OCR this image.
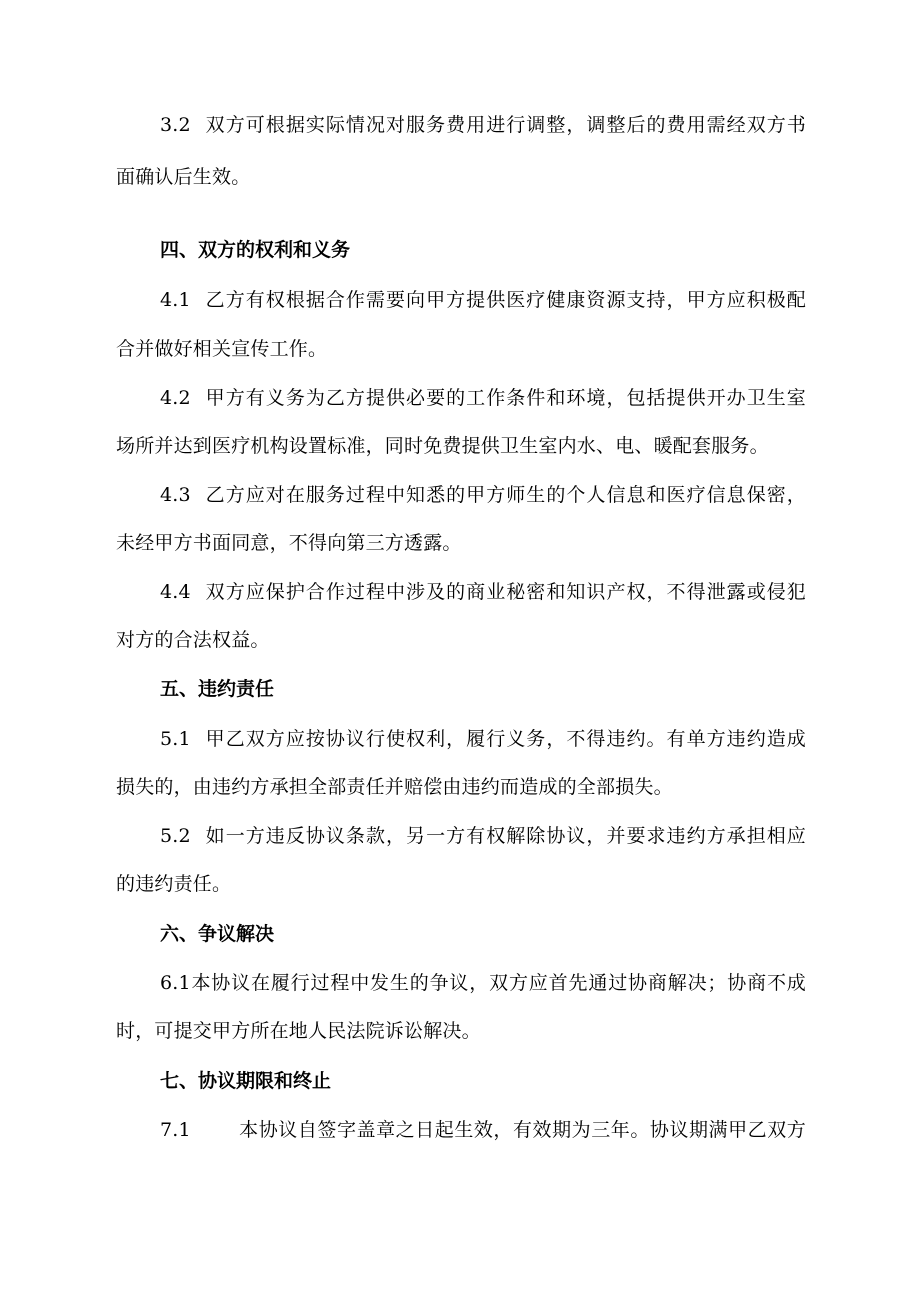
3.2 双方可根据实际情况对服务费用进行调整，调整后的费用需经双方书
面确认后生效。
四、双方的权利和义务
4.1 乙方有权根据合作需要向甲方提供医疗健康资源支持，甲方应积极配
合并做好相关宣传工作。
4.2 甲方有义务为乙方提供必要的工作条件和环境，包括提供开办卫生室
场所并达到医疗机构设置标准，同时免费提供卫生室内水、电、暖配套服务。
4.3 乙方应对在服务过程中知悉的甲方师生的个人信息和医疗信息保密，
未经甲方书面同意，不得向第三方透露。
4.4 双方应保护合作过程中涉及的商业秘密和知识产权，不得泄露或侵犯
对方的合法权益。
五、违约责任
5.1 甲乙双方应按协议行使权利，履行义务，不得违约。有单方违约造成
损失的，由违约方承担全部责任并赔偿由违约而造成的全部损失。
5.2 如一方违反协议条款，另一方有权解除协议，并要求违约方承担相应
的违约责任。
六、争议解决
6.1本协议在履行过程中发生的争议，双方应首先通过协商解决；协商不成
时，可提交甲方所在地人民法院诉讼解决。
七、协议期限和终止
7.1	本协议自签字盖章之日起生效，有效期为三年。协议期满甲乙双方
